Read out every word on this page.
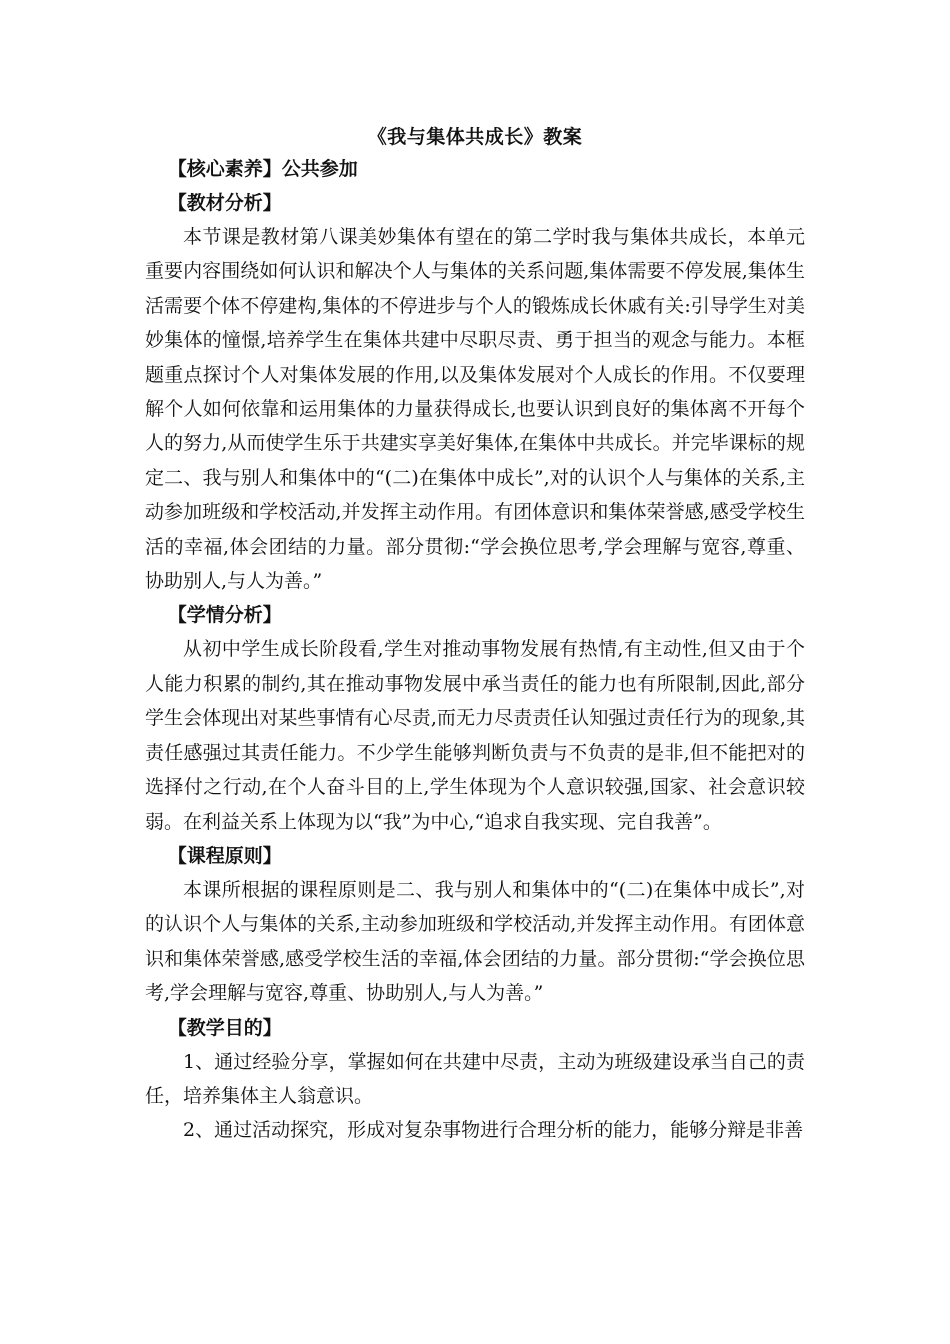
《我与集体共成长》教案
【核心素养】公共参加
【教材分析】

本节课是教材第八课美妙集体有望在的第二学时我与集体共成长，本单元重要内容围绕如何认识和解决个人与集体的关系问题,集体需要不停发展,集体生活需要个体不停建构,集体的不停进步与个人的锻炼成长休戚有关:引导学生对美妙集体的憧憬,培养学生在集体共建中尽职尽责、勇于担当的观念与能力。本框题重点探讨个人对集体发展的作用,以及集体发展对个人成长的作用。不仅要理解个人如何依靠和运用集体的力量获得成长,也要认识到良好的集体离不开每个人的努力,从而使学生乐于共建实享美好集体,在集体中共成长。并完毕课标的规定二、我与别人和集体中的“(二)在集体中成长”,对的认识个人与集体的关系,主动参加班级和学校活动,并发挥主动作用。有团体意识和集体荣誉感,感受学校生活的幸福,体会团结的力量。部分贯彻:“学会换位思考,学会理解与宽容,尊重、协助别人,与人为善。”

【学情分析】

从初中学生成长阶段看,学生对推动事物发展有热情,有主动性,但又由于个人能力积累的制约,其在推动事物发展中承当责任的能力也有所限制,因此,部分学生会体现出对某些事情有心尽责,而无力尽责责任认知强过责任行为的现象,其责任感强过其责任能力。不少学生能够判断负责与不负责的是非,但不能把对的选择付之行动,在个人奋斗目的上,学生体现为个人意识较强,国家、社会意识较弱。在利益关系上体现为以“我”为中心,“追求自我实现、完自我善”。

【课程原则】

本课所根据的课程原则是二、我与别人和集体中的“(二)在集体中成长”,对的认识个人与集体的关系,主动参加班级和学校活动,并发挥主动作用。有团体意识和集体荣誉感,感受学校生活的幸福,体会团结的力量。部分贯彻:“学会换位思考,学会理解与宽容,尊重、协助别人,与人为善。”

【教学目的】

1、通过经验分享，掌握如何在共建中尽责，主动为班级建设承当自己的责任，培养集体主人翁意识。

2、通过活动探究，形成对复杂事物进行合理分析的能力，能够分辩是非善
